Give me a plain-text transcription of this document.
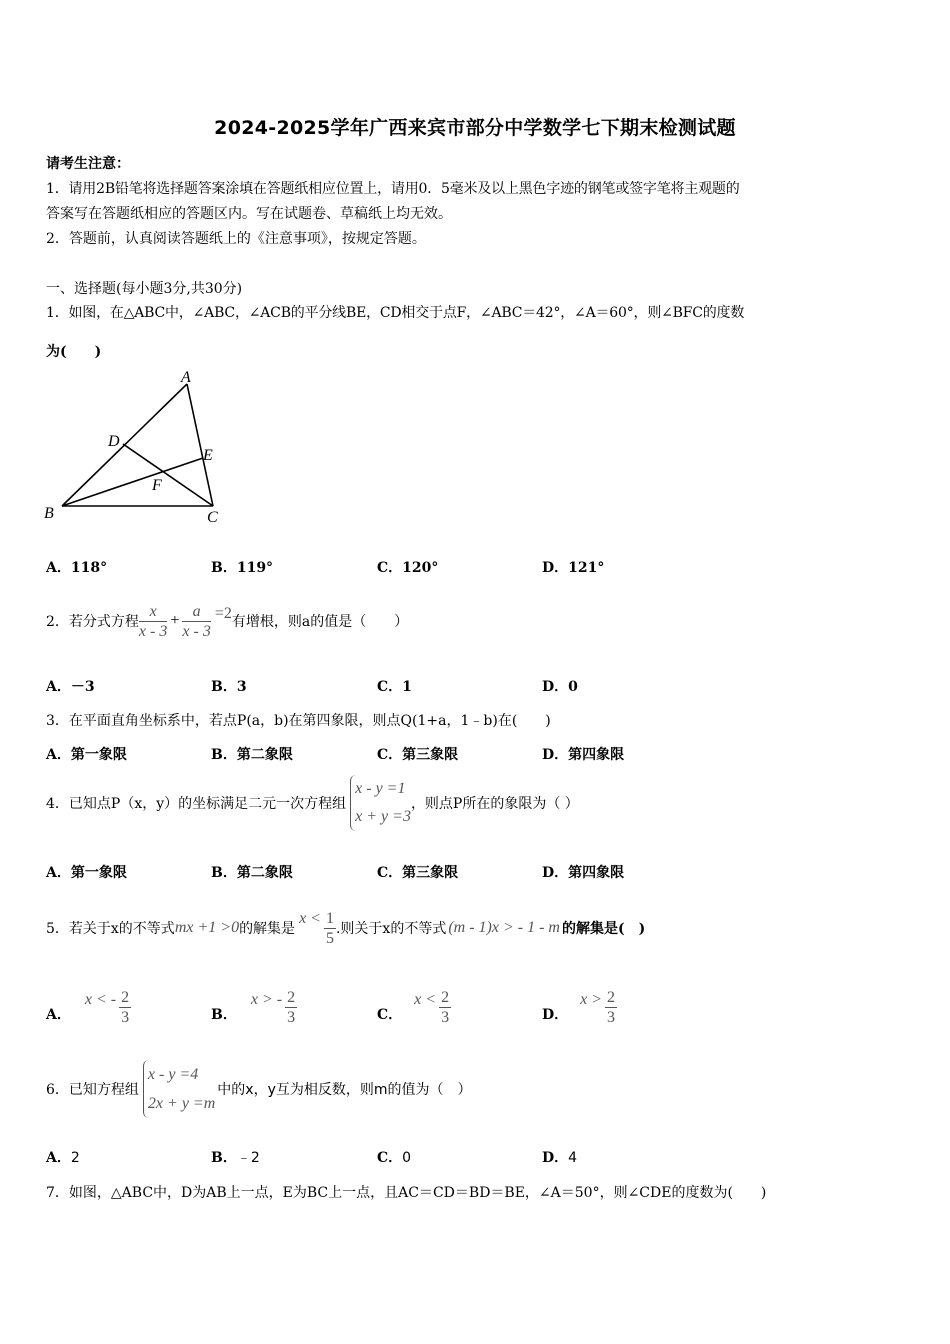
2024-2025学年广西来宾市部分中学数学七下期末检测试题
请考生注意：
1．请用2B铅笔将选择题答案涂填在答题纸相应位置上，请用0．5毫米及以上黑色字迹的钢笔或签字笔将主观题的
答案写在答题纸相应的答题区内。写在试题卷、草稿纸上均无效。
2．答题前，认真阅读答题纸上的《注意事项》，按规定答题。
一、选择题(每小题3分,共30分)
1．如图，在△ABC中，∠ABC，∠ACB的平分线BE，CD相交于点F，∠ABC＝42°，∠A＝60°，则∠BFC的度数
为(　　)
A
B	C
D
E
F
A．118°	B．119°	C．120°	D．121°
2．若分式方程 $\frac{x}{x - 3} + \frac{a}{x - 3} =2$ 有增根，则a的值是（　　）
A．－3	B．3	C．1	D．0
3．在平面直角坐标系中，若点P(a，b)在第四象限，则点Q(1+a，1﹣b)在(　　)
A．第一象限	B．第二象限	C．第三象限	D．第四象限
4．已知点P（x，y）的坐标满足二元一次方程组
x - y =1
x + y =3
，则点P所在的象限为（ ）
A．第一象限	B．第二象限	C．第三象限	D．第四象限
5．若关于x的不等式 mx +1 >0 的解集是
$x < \frac{1}{5}$ .则关于x的不等式 (m - 1)x > - 1 - m 的解集是(　)
A．
x < - $\frac{2}{3}$	B．
x > - $\frac{2}{3}$	C．
$x < \frac{2}{3}$	D．
$x > \frac{2}{3}$
6．已知方程组
x - y =4
2x + y =m
中的x，y互为相反数，则m的值为（　）
A．2	B．﹣2	C．0	D．4
7．如图，△ABC中，D为AB上一点，E为BC上一点，且AC＝CD＝BD＝BE，∠A＝50°，则∠CDE的度数为(　　)
